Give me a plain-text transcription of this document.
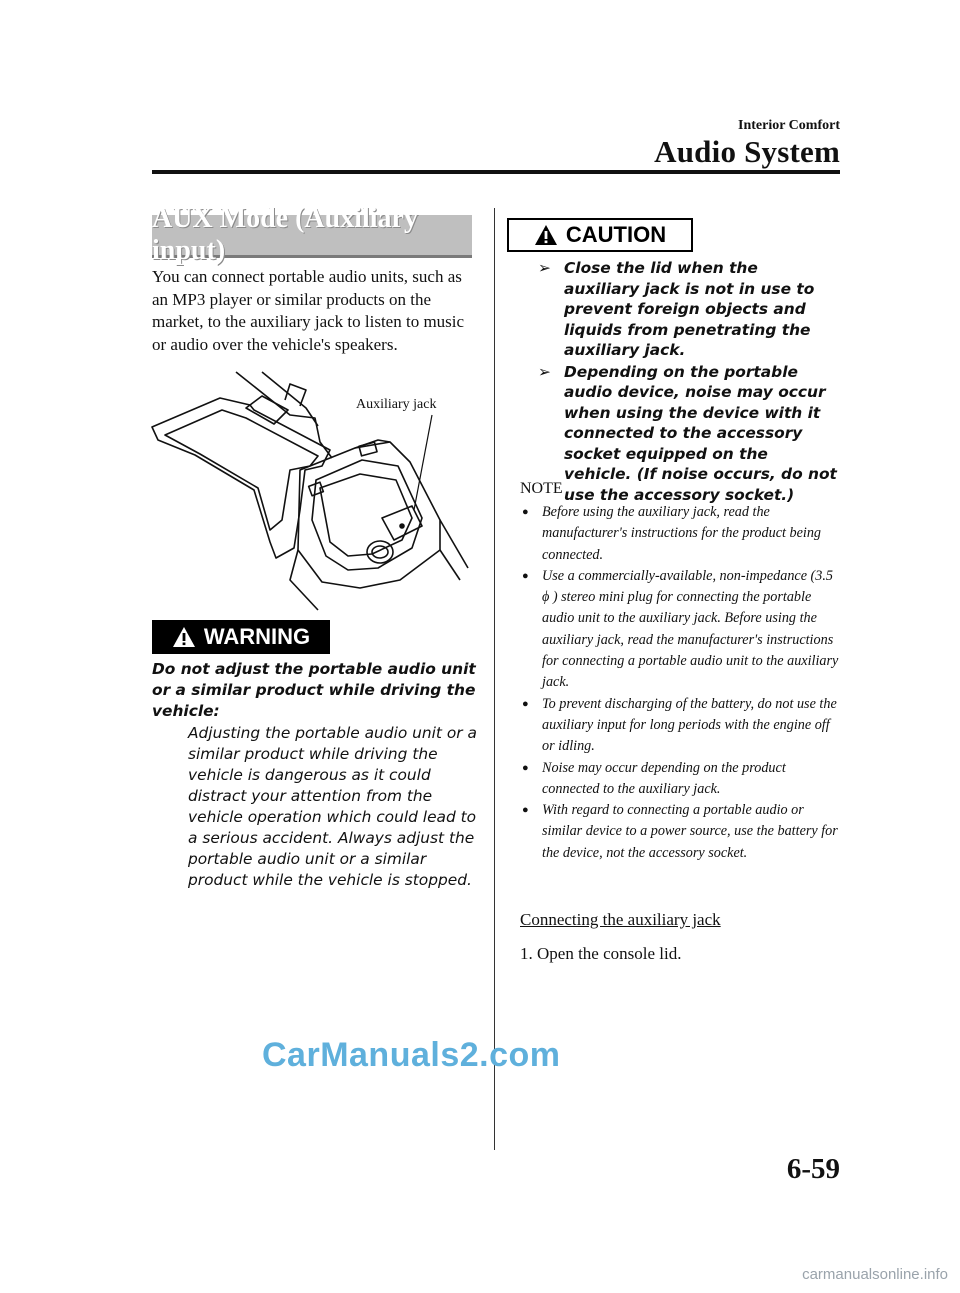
Interior Comfort
Audio System
AUX Mode (Auxiliary input)
You can connect portable audio units, such as an MP3 player or similar products on the market, to the auxiliary jack to listen to music or audio over the vehicle's speakers.
Auxiliary jack
WARNING
Do not adjust the portable audio unit or a similar product while driving the vehicle:
Adjusting the portable audio unit or a similar product while driving the vehicle is dangerous as it could distract your attention from the vehicle operation which could lead to a serious accident. Always adjust the portable audio unit or a similar product while the vehicle is stopped.
CAUTION
➢ Close the lid when the auxiliary jack is not in use to prevent foreign objects and liquids from penetrating the auxiliary jack.
➢ Depending on the portable audio device, noise may occur when using the device with it connected to the accessory socket equipped on the vehicle. (If noise occurs, do not use the accessory socket.)
NOTE
● Before using the auxiliary jack, read the manufacturer's instructions for the product being connected.
● Use a commercially-available, non-impedance (3.5 ϕ ) stereo mini plug for connecting the portable audio unit to the auxiliary jack. Before using the auxiliary jack, read the manufacturer's instructions for connecting a portable audio unit to the auxiliary jack.
● To prevent discharging of the battery, do not use the auxiliary input for long periods with the engine off or idling.
● Noise may occur depending on the product connected to the auxiliary jack.
● With regard to connecting a portable audio or similar device to a power source, use the battery for the device, not the accessory socket.
Connecting the auxiliary jack
1. Open the console lid.
CarManuals2.com
6-59
carmanualsonline.info
